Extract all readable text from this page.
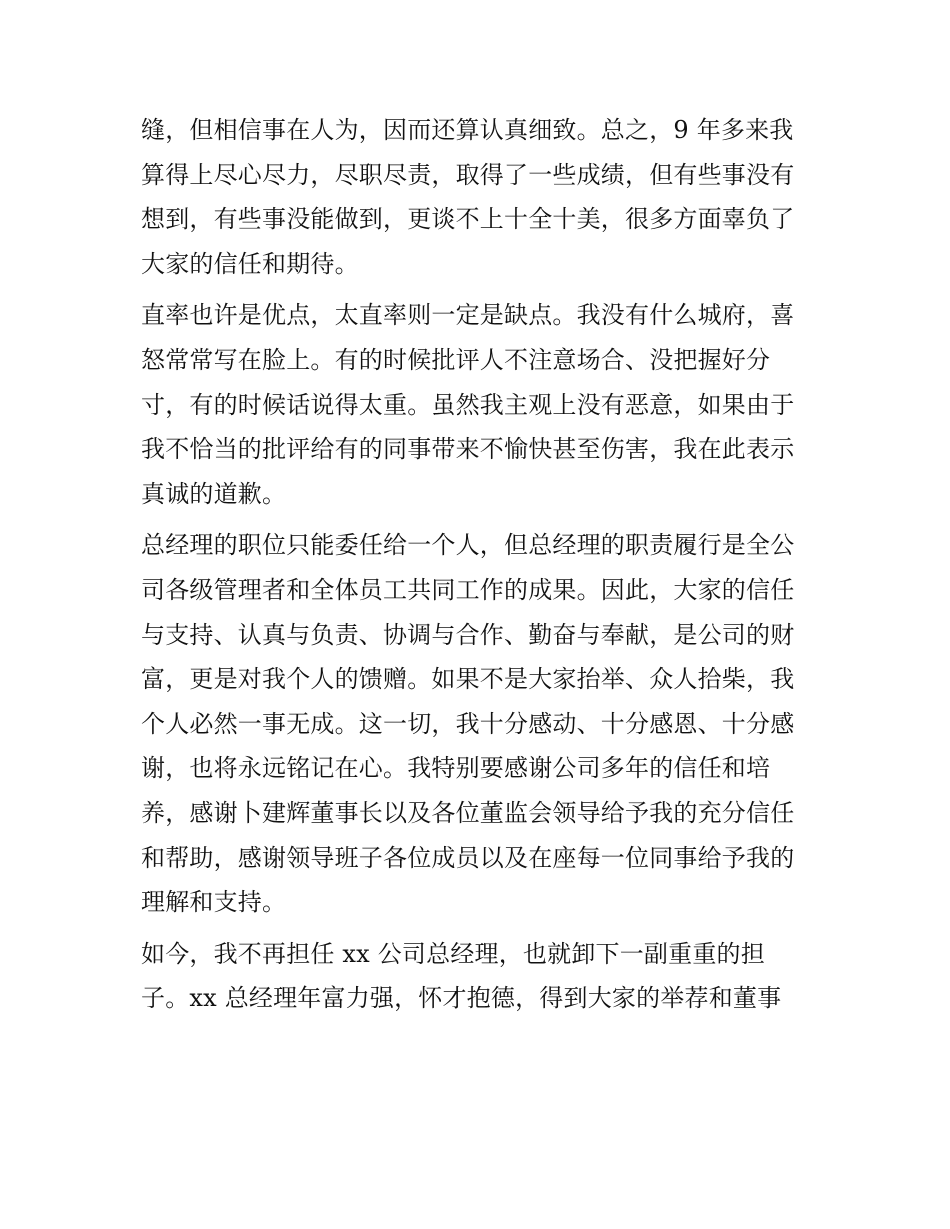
缝，但相信事在人为，因而还算认真细致。总之，9 年多来我
算得上尽心尽力，尽职尽责，取得了一些成绩，但有些事没有
想到，有些事没能做到，更谈不上十全十美，很多方面辜负了
大家的信任和期待。
直率也许是优点，太直率则一定是缺点。我没有什么城府，喜
怒常常写在脸上。有的时候批评人不注意场合、没把握好分
寸，有的时候话说得太重。虽然我主观上没有恶意，如果由于
我不恰当的批评给有的同事带来不愉快甚至伤害，我在此表示
真诚的道歉。
总经理的职位只能委任给一个人，但总经理的职责履行是全公
司各级管理者和全体员工共同工作的成果。因此，大家的信任
与支持、认真与负责、协调与合作、勤奋与奉献，是公司的财
富，更是对我个人的馈赠。如果不是大家抬举、众人拾柴，我
个人必然一事无成。这一切，我十分感动、十分感恩、十分感
谢，也将永远铭记在心。我特别要感谢公司多年的信任和培
养，感谢卜建辉董事长以及各位董监会领导给予我的充分信任
和帮助，感谢领导班子各位成员以及在座每一位同事给予我的
理解和支持。
如今，我不再担任 xx 公司总经理，也就卸下一副重重的担
子。xx 总经理年富力强，怀才抱德，得到大家的举荐和董事
